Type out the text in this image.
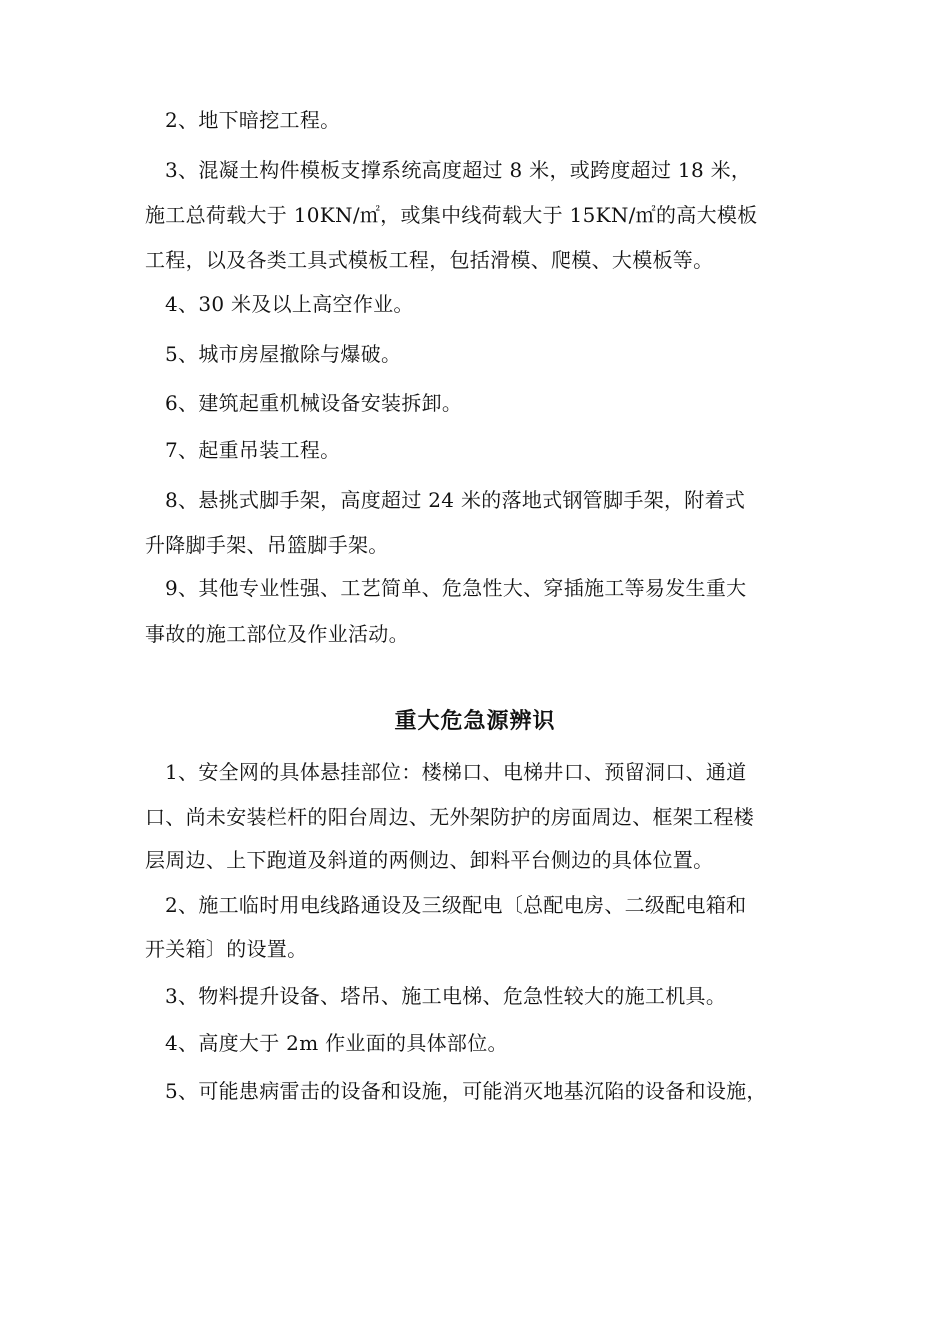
2、地下暗挖工程。
3、混凝土构件模板支撑系统高度超过 8 米，或跨度超过 18 米，
施工总荷载大于 10KN/㎡，或集中线荷载大于 15KN/㎡的高大模板
工程，以及各类工具式模板工程，包括滑模、爬模、大模板等。
4、30 米及以上高空作业。
5、城市房屋撤除与爆破。
6、建筑起重机械设备安装拆卸。
7、起重吊装工程。
8、悬挑式脚手架，高度超过 24 米的落地式钢管脚手架，附着式
升降脚手架、吊篮脚手架。
9、其他专业性强、工艺简单、危急性大、穿插施工等易发生重大
事故的施工部位及作业活动。
重大危急源辨识
1、安全网的具体悬挂部位：楼梯口、电梯井口、预留洞口、通道
口、尚未安装栏杆的阳台周边、无外架防护的房面周边、框架工程楼
层周边、上下跑道及斜道的两侧边、卸料平台侧边的具体位置。
2、施工临时用电线路通设及三级配电〔总配电房、二级配电箱和
开关箱〕的设置。
3、物料提升设备、塔吊、施工电梯、危急性较大的施工机具。
4、高度大于 2m 作业面的具体部位。
5、可能患病雷击的设备和设施，可能消灭地基沉陷的设备和设施，
